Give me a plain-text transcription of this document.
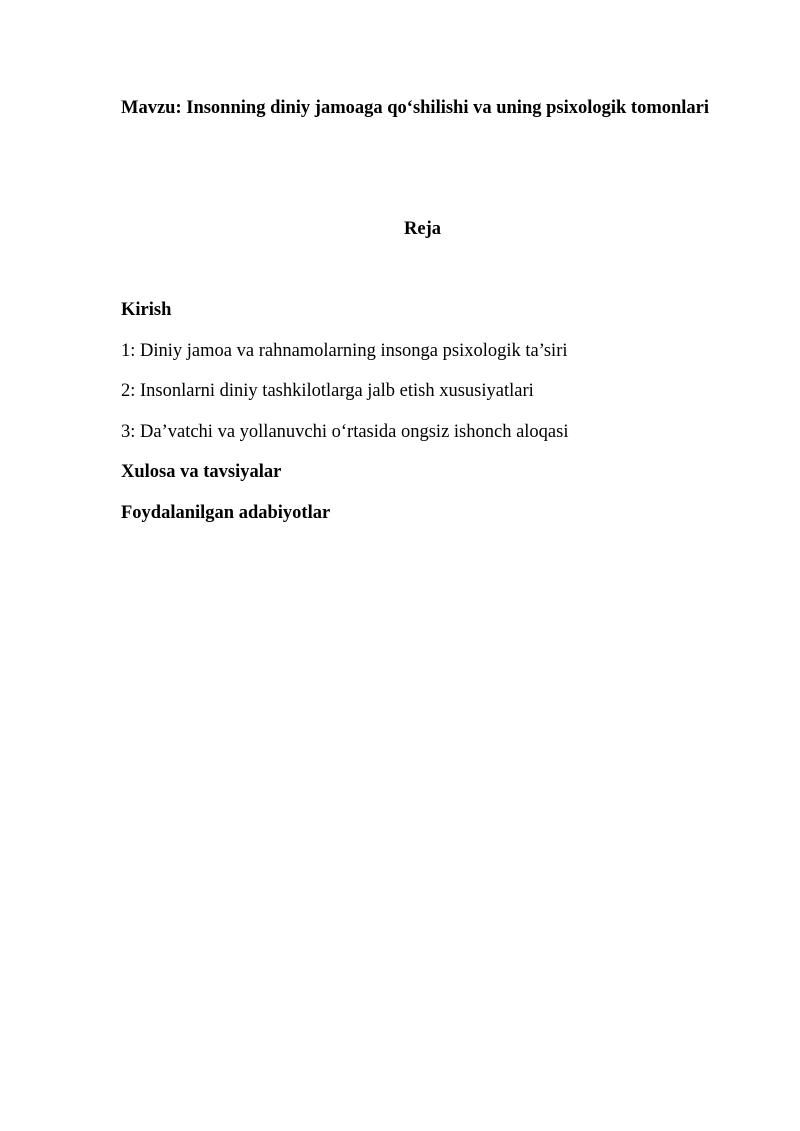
Mavzu: Insonning diniy jamoaga qo‘shilishi va uning psixologik tomonlari
Reja
Kirish
1: Diniy jamoa va rahnamolarning insonga psixologik ta’siri
2: Insonlarni diniy tashkilotlarga jalb etish xususiyatlari
3: Da’vatchi va yollanuvchi o‘rtasida ongsiz ishonch aloqasi
Xulosa va tavsiyalar
Foydalanilgan adabiyotlar
